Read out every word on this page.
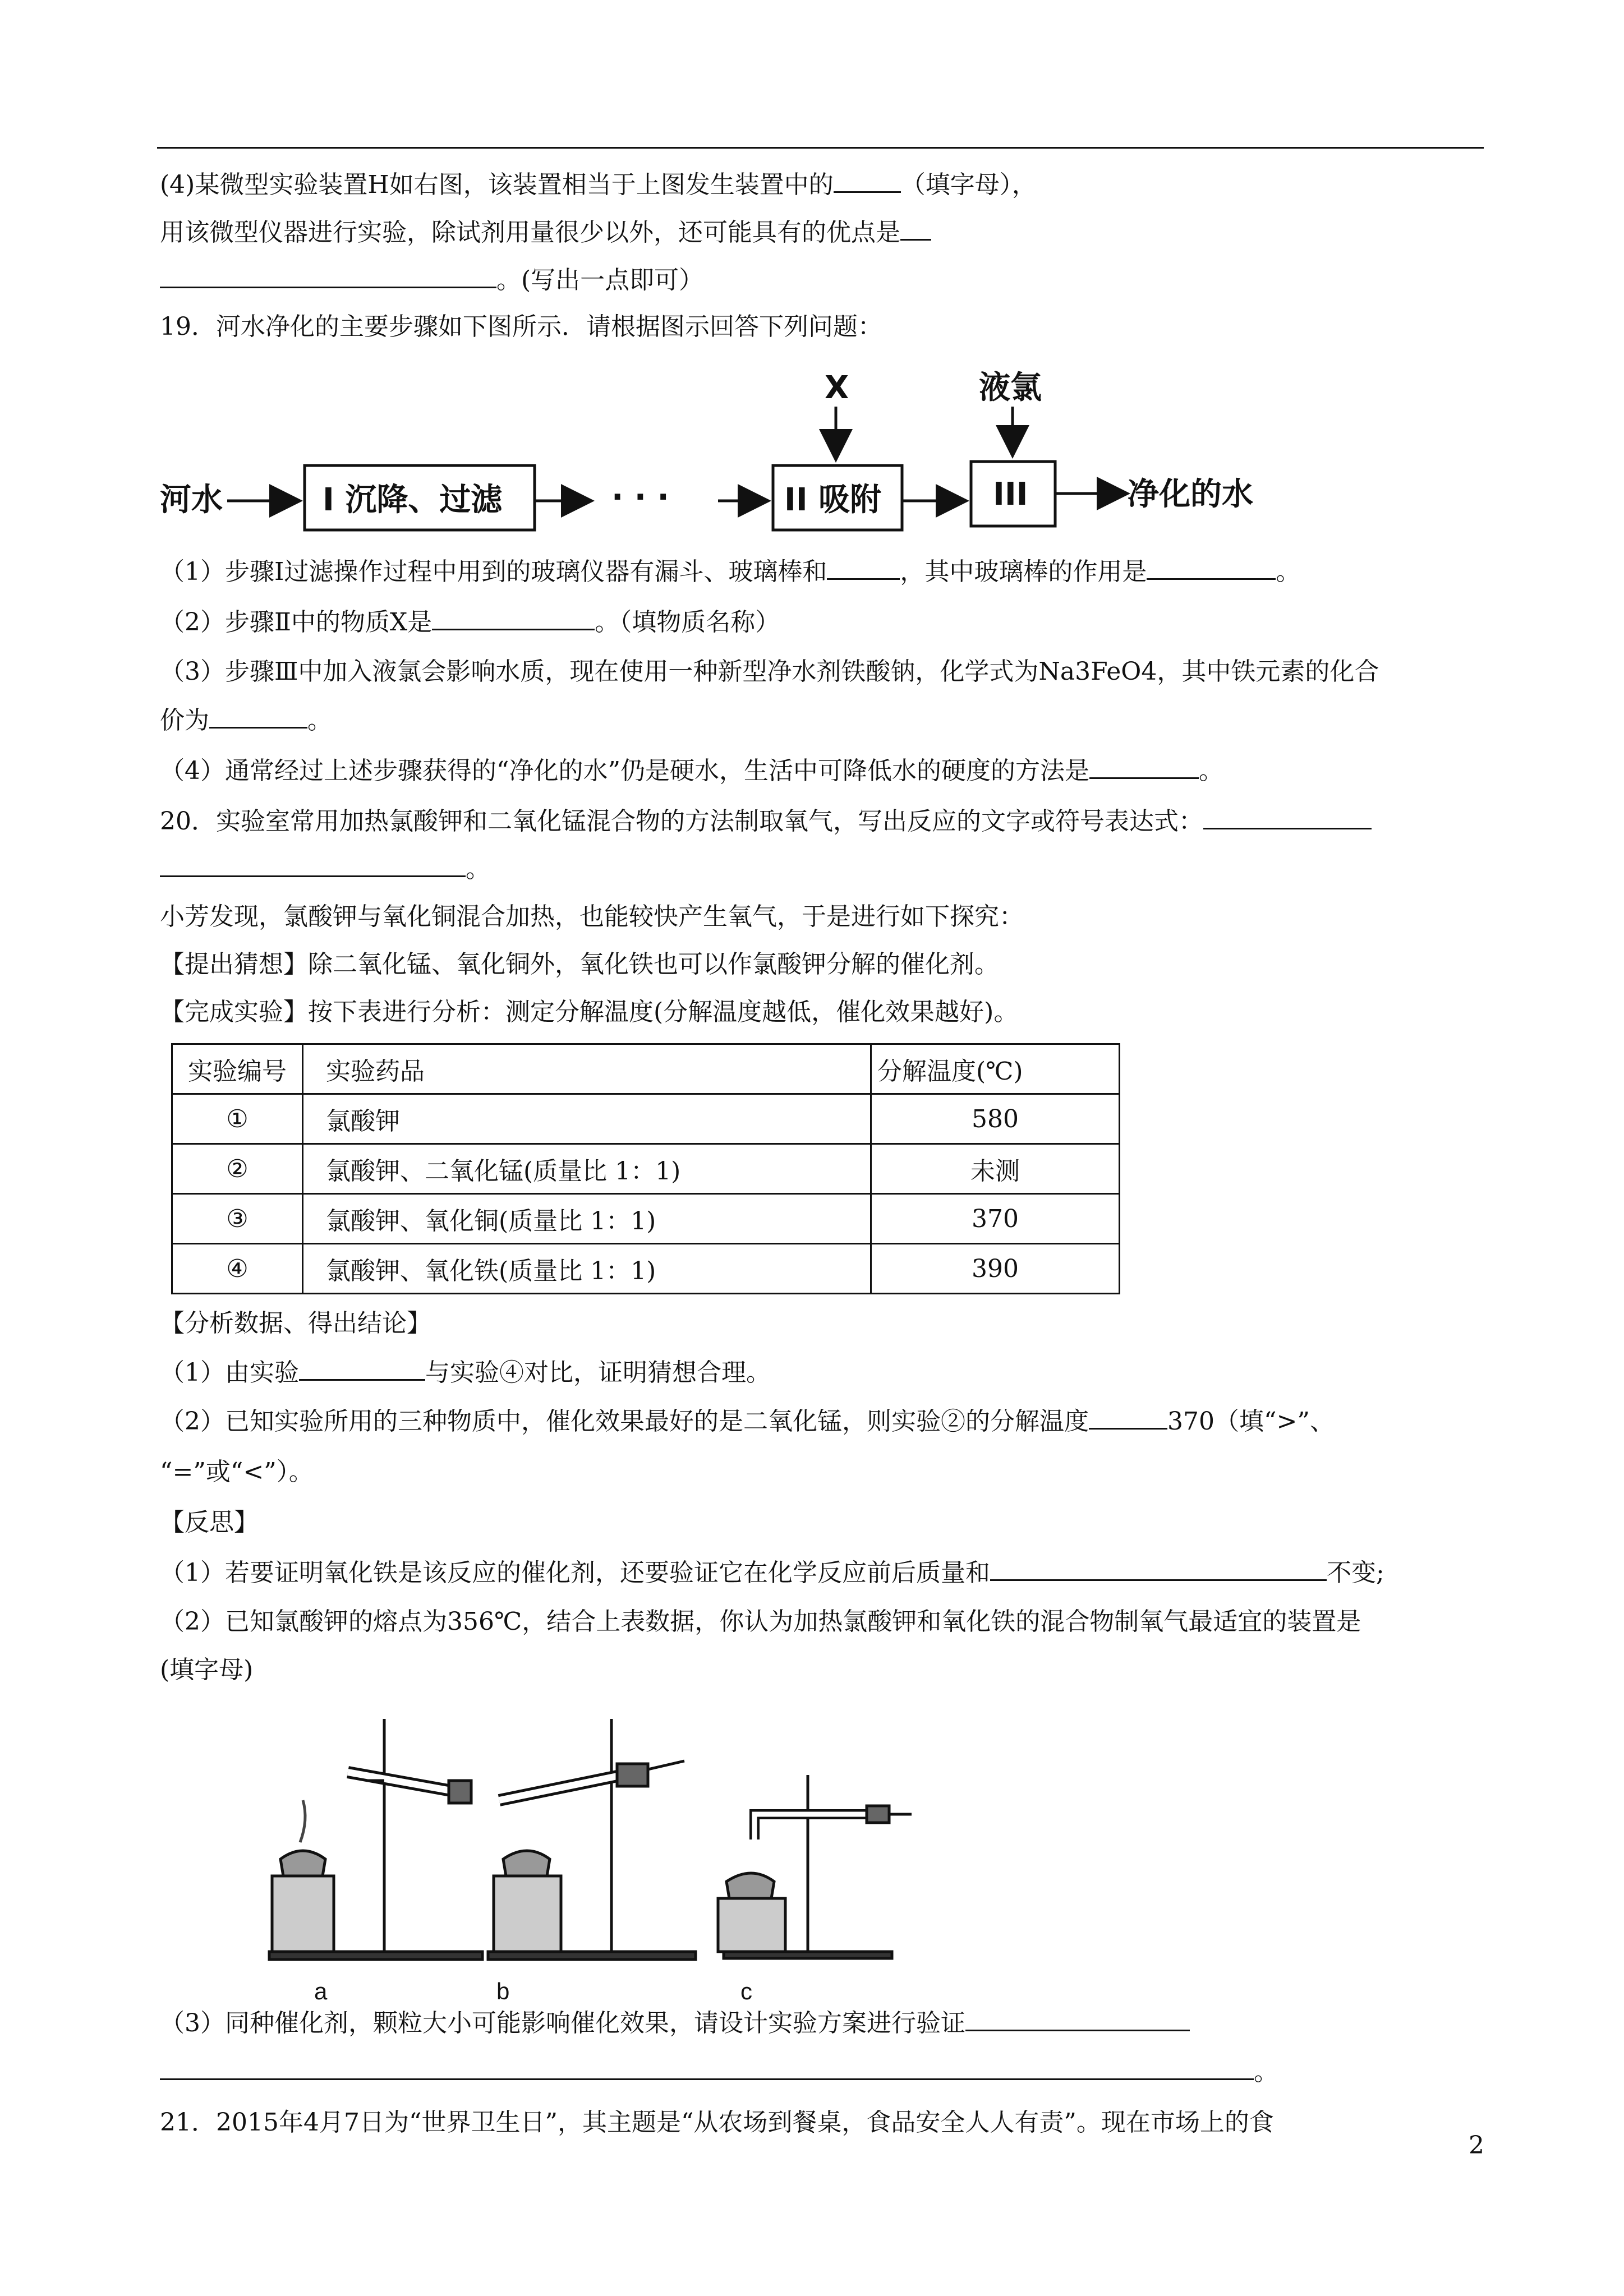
(4)某微型实验装置H如右图，该装置相当于上图发生装置中的	（填字母），
用该微型仪器进行实验，除试剂用量很少以外，还可能具有的优点是
。(写出一点即可）
19．河水净化的主要步骤如下图所示．请根据图示回答下列问题：
河水	I 沉降、过滤	· · ·	II 吸附	III	净化的水
X	液氯
（1）步骤Ⅰ过滤操作过程中用到的玻璃仪器有漏斗、玻璃棒和	，其中玻璃棒的作用是	。
（2）步骤Ⅱ中的物质X是	。（填物质名称）
（3）步骤Ⅲ中加入液氯会影响水质，现在使用一种新型净水剂铁酸钠，化学式为Na3FeO4，其中铁元素的化合
价为	。
（4）通常经过上述步骤获得的“净化的水”仍是硬水，生活中可降低水的硬度的方法是	。
20．实验室常用加热氯酸钾和二氧化锰混合物的方法制取氧气，写出反应的文字或符号表达式：
。
小芳发现，氯酸钾与氧化铜混合加热，也能较快产生氧气，于是进行如下探究：
【提出猜想】除二氧化锰、氧化铜外，氧化铁也可以作氯酸钾分解的催化剂。
【完成实验】按下表进行分析：测定分解温度(分解温度越低，催化效果越好)。
实验编号	实验药品	分解温度(℃)
①	氯酸钾	580
②	氯酸钾、二氧化锰(质量比 1：1)	未测
③	氯酸钾、氧化铜(质量比 1：1)	370
④	氯酸钾、氧化铁(质量比 1：1)	390
【分析数据、得出结论】
（1）由实验	与实验④对比，证明猜想合理。
（2）已知实验所用的三种物质中，催化效果最好的是二氧化锰，则实验②的分解温度	370（填“>”、
“=”或“<”）。
【反思】
（1）若要证明氧化铁是该反应的催化剂，还要验证它在化学反应前后质量和	不变;
（2）已知氯酸钾的熔点为356℃，结合上表数据，你认为加热氯酸钾和氧化铁的混合物制氧气最适宜的装置是
(填字母)
a	b	c
（3）同种催化剂，颗粒大小可能影响催化效果，请设计实验方案进行验证
。
21．2015年4月7日为“世界卫生日”，其主题是“从农场到餐桌，食品安全人人有责”。现在市场上的食
2
